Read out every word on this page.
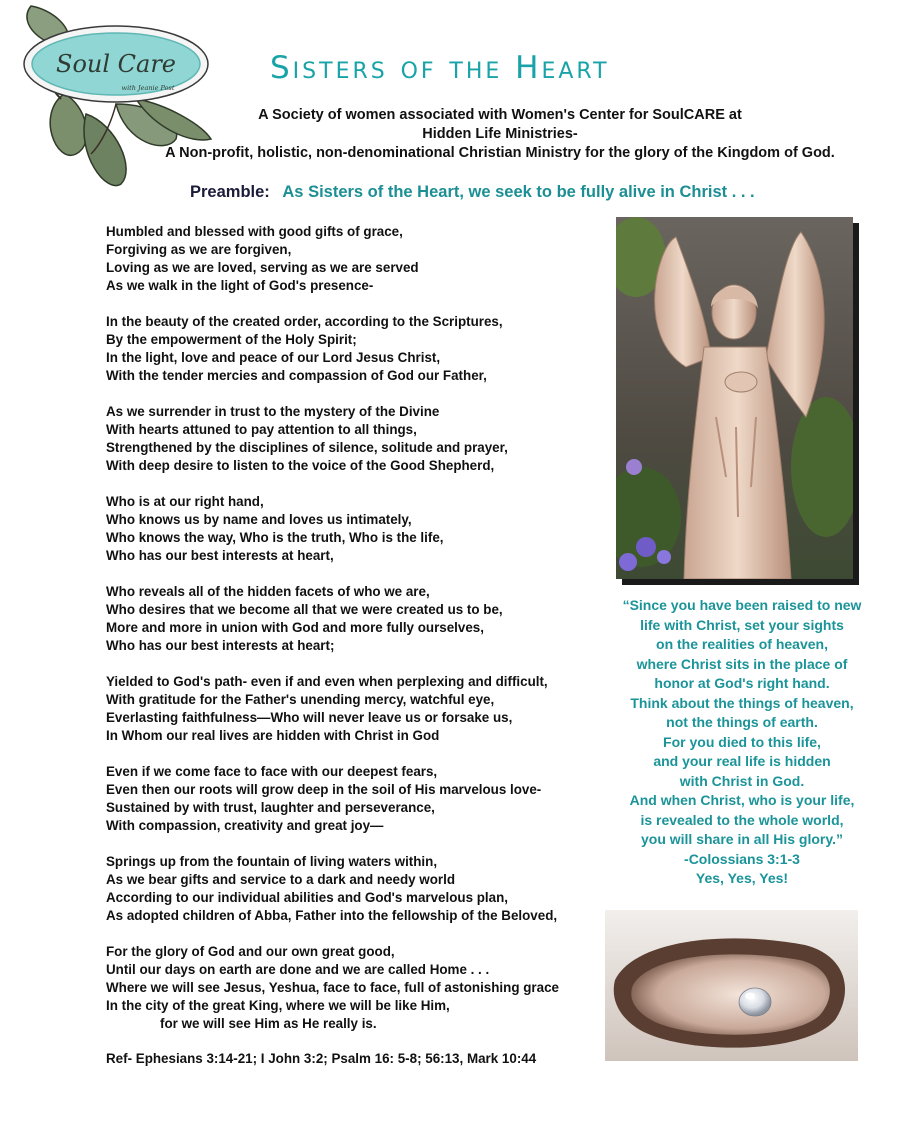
Soul Care
with Jeanie Post
Sisters of the Heart
A Society of women associated with Women's Center for SoulCARE at
Hidden Life Ministries-
A Non-profit, holistic, non-denominational Christian Ministry for the glory of the Kingdom of God.
Preamble: As Sisters of the Heart, we seek to be fully alive in Christ . . .
Humbled and blessed with good gifts of grace,
Forgiving as we are forgiven,
Loving as we are loved, serving as we are served
As we walk in the light of God's presence-
In the beauty of the created order, according to the Scriptures,
By the empowerment of the Holy Spirit;
In the light, love and peace of our Lord Jesus Christ,
With the tender mercies and compassion of God our Father,
As we surrender in trust to the mystery of the Divine
With hearts attuned to pay attention to all things,
Strengthened by the disciplines of silence, solitude and prayer,
With deep desire to listen to the voice of the Good Shepherd,
Who is at our right hand,
Who knows us by name and loves us intimately,
Who knows the way, Who is the truth, Who is the life,
Who has our best interests at heart,
Who reveals all of the hidden facets of who we are,
Who desires that we become all that we were created us to be,
More and more in union with God and more fully ourselves,
Who has our best interests at heart;
Yielded to God's path- even if and even when perplexing and difficult,
With gratitude for the Father's unending mercy, watchful eye,
Everlasting faithfulness—Who will never leave us or forsake us,
In Whom our real lives are hidden with Christ in God
Even if we come face to face with our deepest fears,
Even then our roots will grow deep in the soil of His marvelous love-
Sustained by with trust, laughter and perseverance,
With compassion, creativity and great joy—
Springs up from the fountain of living waters within,
As we bear gifts and service to a dark and needy world
According to our individual abilities and God's marvelous plan,
As adopted children of Abba, Father into the fellowship of the Beloved,
For the glory of God and our own great good,
Until our days on earth are done and we are called Home . . .
Where we will see Jesus, Yeshua, face to face, full of astonishing grace
In the city of the great King, where we will be like Him,
for we will see Him as He really is.
Ref- Ephesians 3:14-21; I John 3:2; Psalm 16: 5-8; 56:13, Mark 10:44
“Since you have been raised to new
life with Christ, set your sights
on the realities of heaven,
where Christ sits in the place of
honor at God's right hand.
Think about the things of heaven,
not the things of earth.
For you died to this life,
and your real life is hidden
with Christ in God.
And when Christ, who is your life,
is revealed to the whole world,
you will share in all His glory.”
-Colossians 3:1-3
Yes, Yes, Yes!
